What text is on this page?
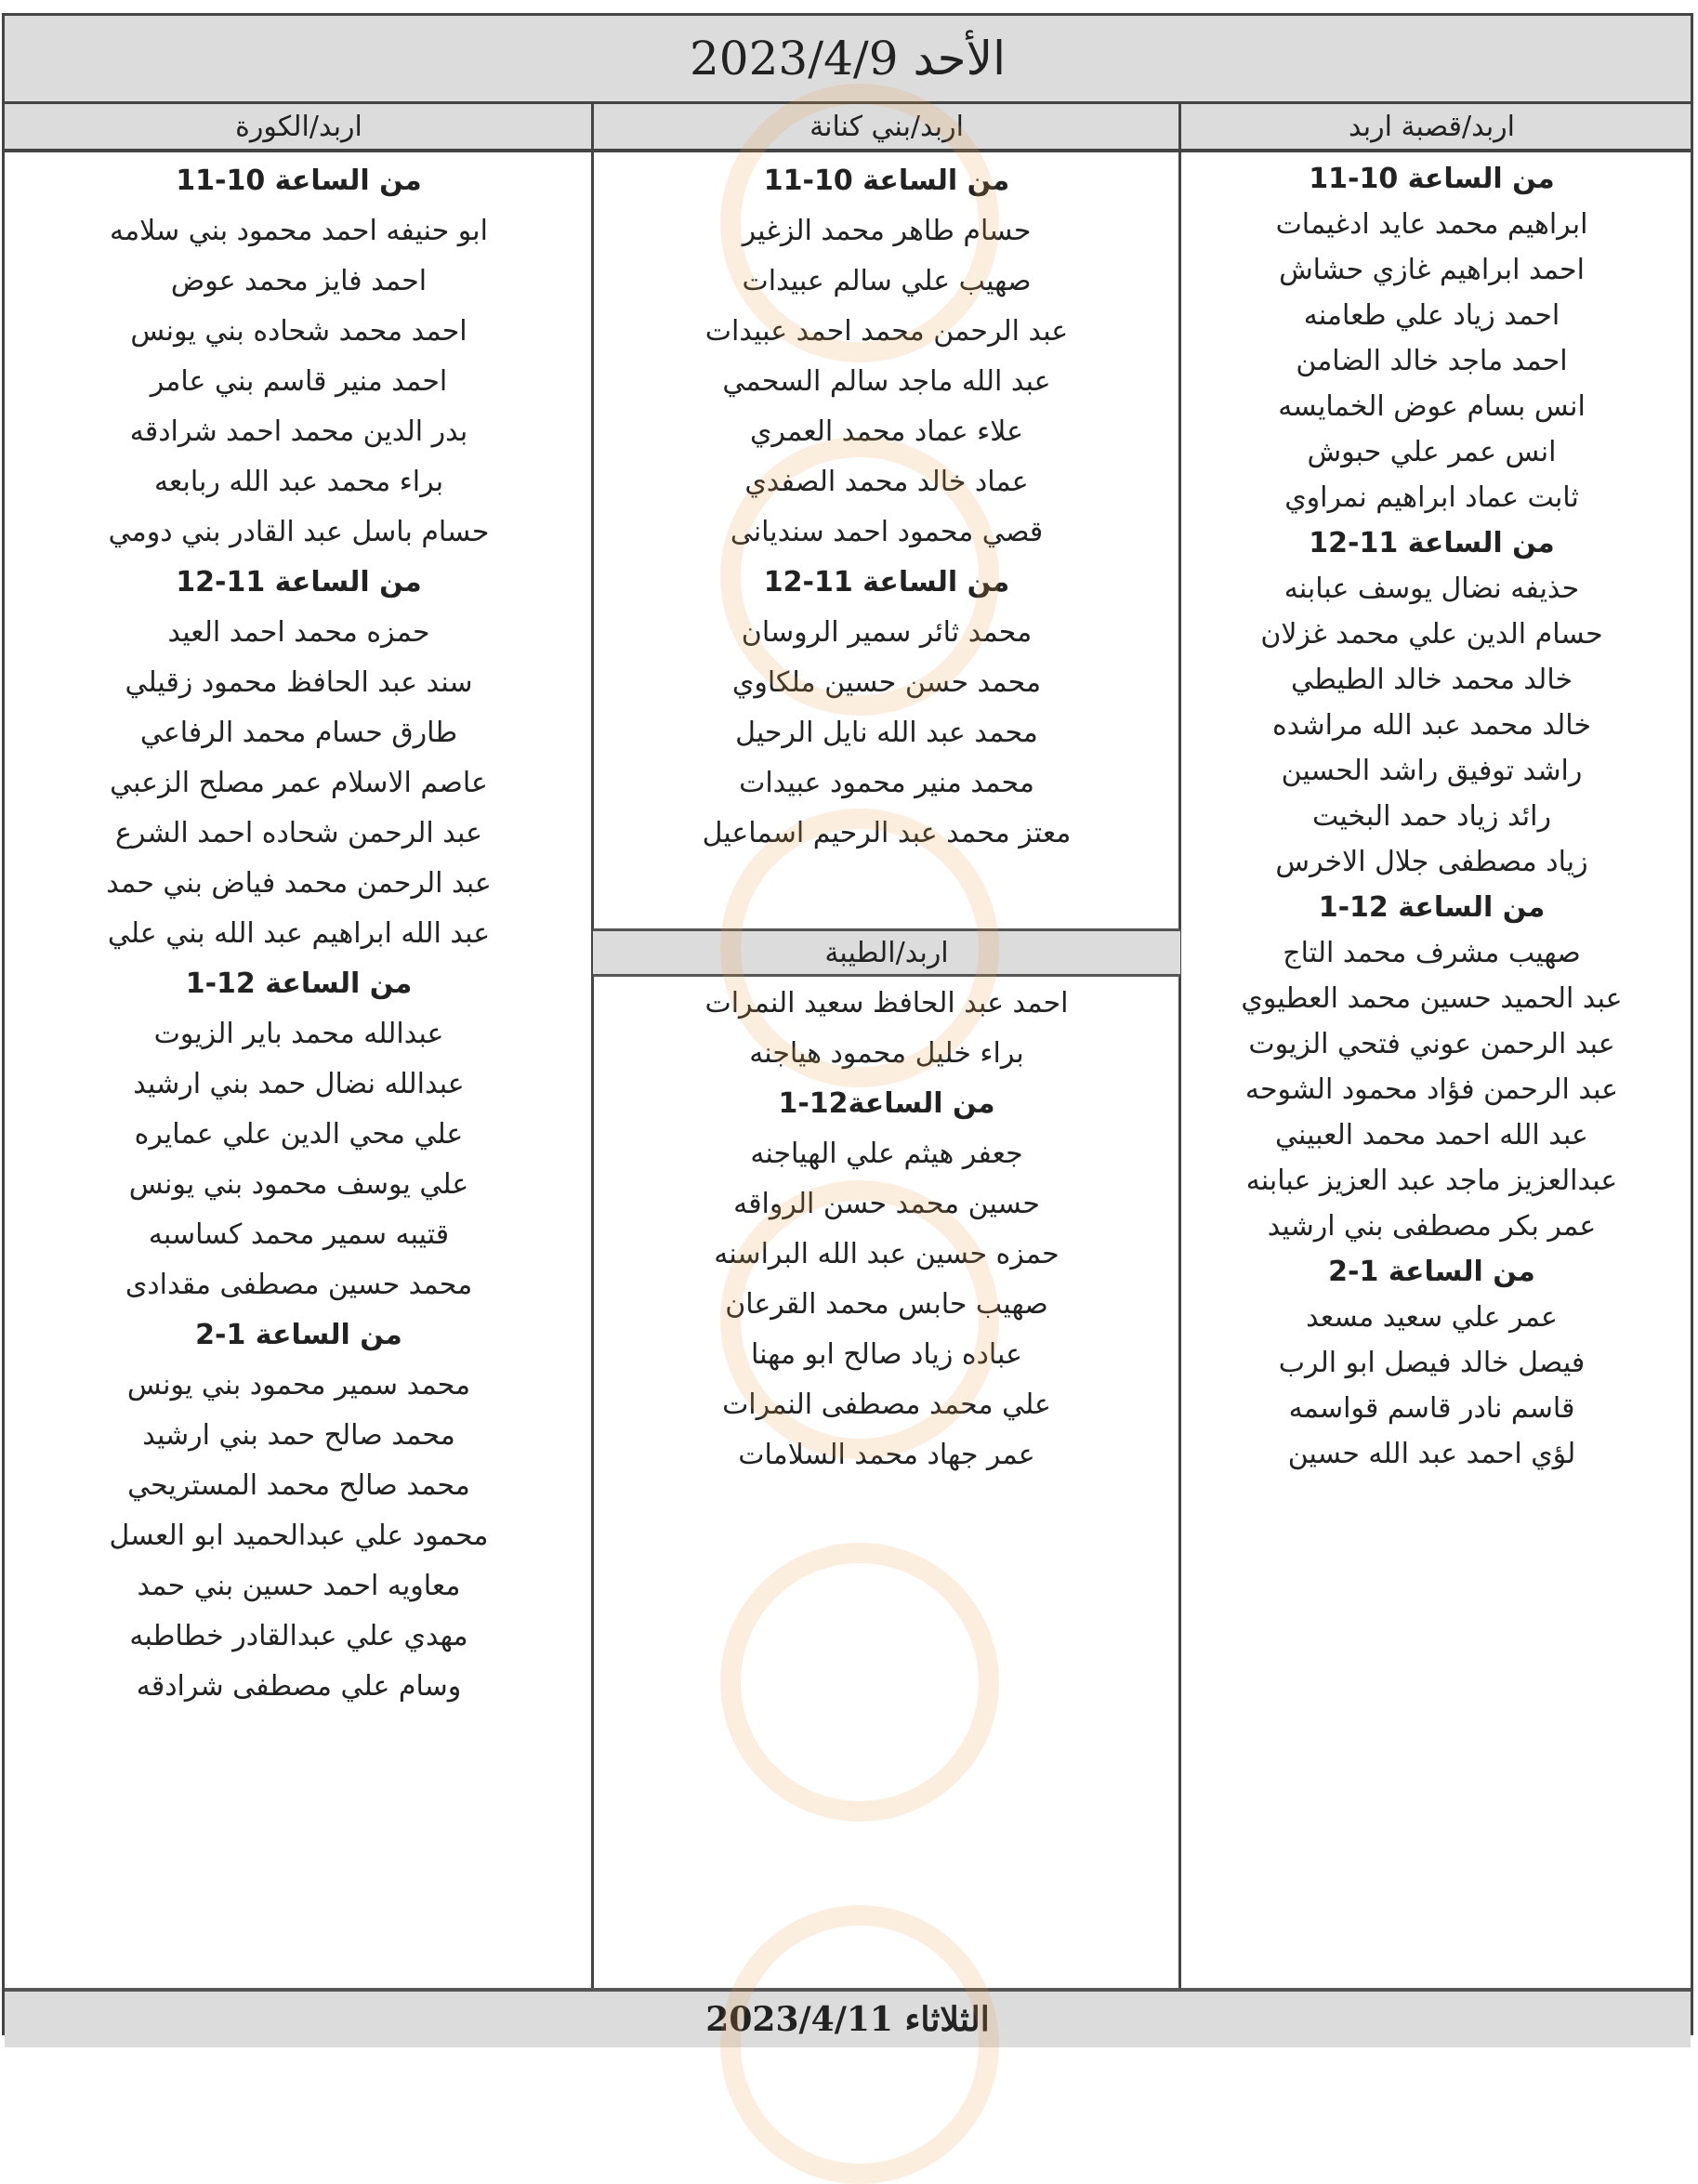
الأحد 2023/4/9
اربد/قصبة اربد
اربد/بني كنانة
اربد/الكورة
من الساعة 10-11
ابراهيم محمد عايد ادغيمات
احمد ابراهيم غازي حشاش
احمد زياد علي طعامنه
احمد ماجد خالد الضامن
انس بسام عوض الخمايسه
انس عمر علي حبوش
ثابت عماد ابراهيم نمراوي
من الساعة 11-12
حذيفه نضال يوسف عبابنه
حسام الدين علي محمد غزلان
خالد محمد خالد الطيطي
خالد محمد عبد الله مراشده
راشد توفيق راشد الحسين
رائد زياد حمد البخيت
زياد مصطفى جلال الاخرس
من الساعة 12-1
صهيب مشرف محمد التاج
عبد الحميد حسين محمد العطيوي
عبد الرحمن عوني فتحي الزيوت
عبد الرحمن فؤاد محمود الشوحه
عبد الله احمد محمد العبيني
عبدالعزيز ماجد عبد العزيز عبابنه
عمر بكر مصطفى بني ارشيد
من الساعة 1-2
عمر علي سعيد مسعد
فيصل خالد فيصل ابو الرب
قاسم نادر قاسم قواسمه
لؤي احمد عبد الله حسين
من الساعة 10-11
حسام طاهر محمد الزغير
صهيب علي سالم عبيدات
عبد الرحمن محمد احمد عبيدات
عبد الله ماجد سالم السحمي
علاء عماد محمد العمري
عماد خالد محمد الصفدي
قصي محمود احمد سنديانى
من الساعة 11-12
محمد ثائر سمير الروسان
محمد حسن حسين ملكاوي
محمد عبد الله نايل الرحيل
محمد منير محمود عبيدات
معتز محمد عبد الرحيم اسماعيل
اربد/الطيبة
احمد عبد الحافظ سعيد النمرات
براء خليل محمود هياجنه
من الساعة12-1
جعفر هيثم علي الهياجنه
حسين محمد حسن الرواقه
حمزه حسين عبد الله البراسنه
صهيب حابس محمد القرعان
عباده زياد صالح ابو مهنا
علي محمد مصطفى النمرات
عمر جهاد محمد السلامات
من الساعة 10-11
ابو حنيفه احمد محمود بني سلامه
احمد فايز محمد عوض
احمد محمد شحاده بني يونس
احمد منير قاسم بني عامر
بدر الدين محمد احمد شرادقه
براء محمد عبد الله ربابعه
حسام باسل عبد القادر بني دومي
من الساعة 11-12
حمزه محمد احمد العيد
سند عبد الحافظ محمود زقيلي
طارق حسام محمد الرفاعي
عاصم الاسلام عمر مصلح الزعبي
عبد الرحمن شحاده احمد الشرع
عبد الرحمن محمد فياض بني حمد
عبد الله ابراهيم عبد الله بني علي
من الساعة 12-1
عبدالله محمد باير الزيوت
عبدالله نضال حمد بني ارشيد
علي محي الدين علي عمايره
علي يوسف محمود بني يونس
قتيبه سمير محمد كساسبه
محمد حسين مصطفى مقدادى
من الساعة 1-2
محمد سمير محمود بني يونس
محمد صالح حمد بني ارشيد
محمد صالح محمد المستريحي
محمود علي عبدالحميد ابو العسل
معاويه احمد حسين بني حمد
مهدي علي عبدالقادر خطاطبه
وسام علي مصطفى شرادقه
الثلاثاء 2023/4/11
